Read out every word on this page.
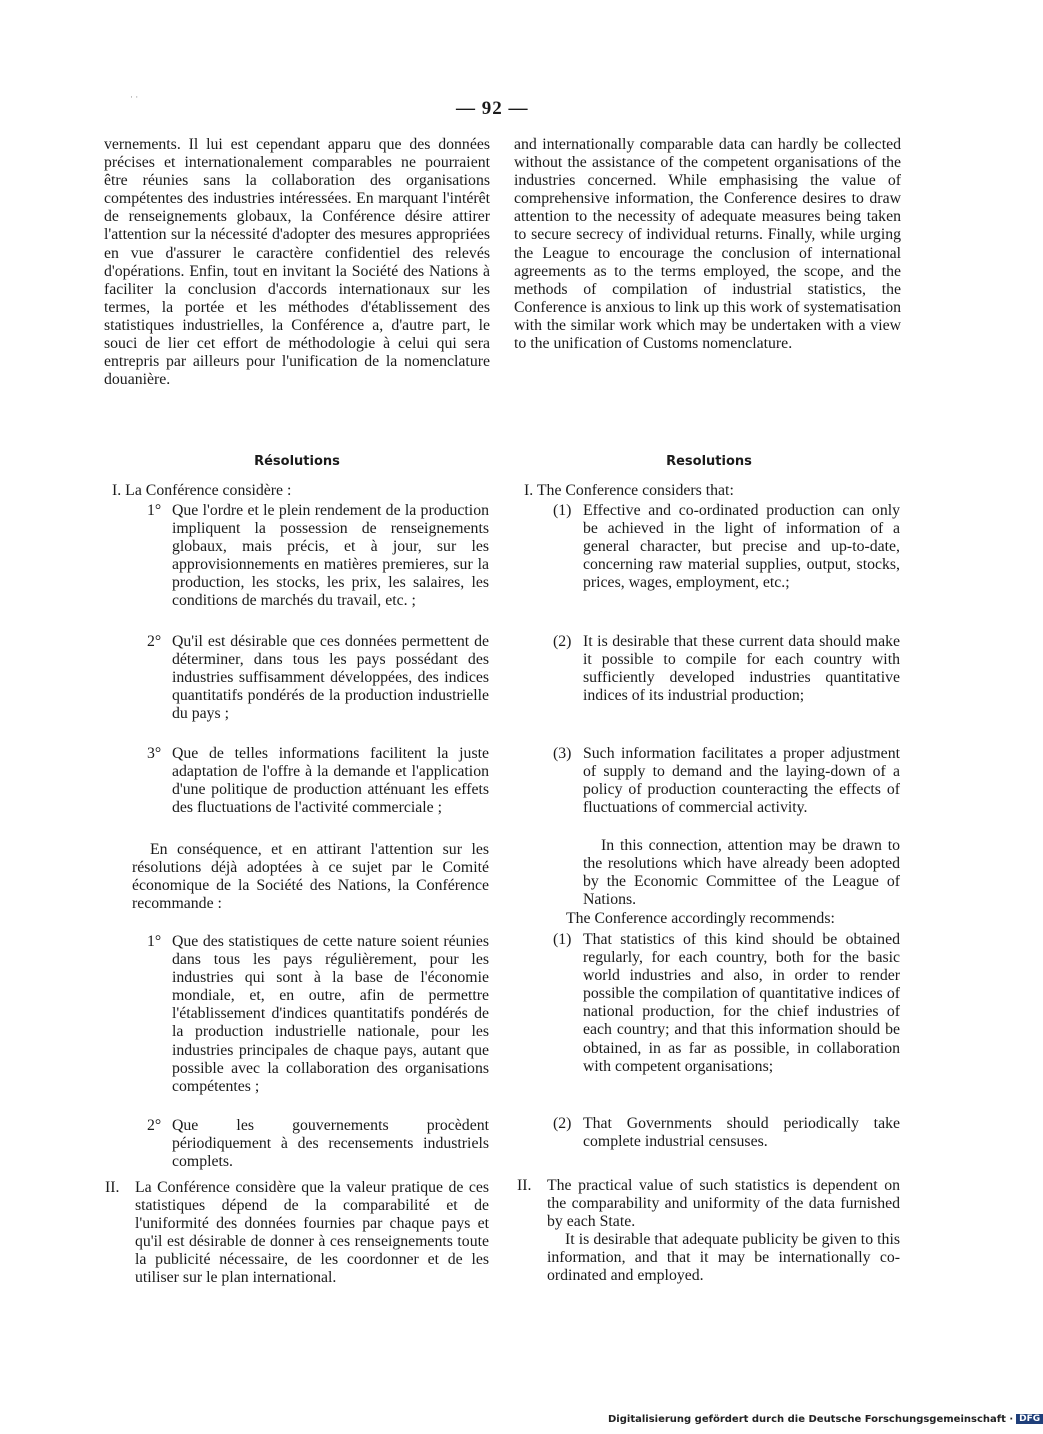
· ·
— 92 —

vernements. Il lui est cependant apparu que des données précises et internationalement comparables ne pourraient être réunies sans la collaboration des organisations compétentes des industries intéressées. En marquant l'intérêt de renseignements globaux, la Conférence désire attirer l'attention sur la nécessité d'adopter des mesures appropriées en vue d'assurer le caractère confidentiel des relevés d'opérations. Enfin, tout en invitant la Société des Nations à faciliter la conclusion d'accords internationaux sur les termes, la portée et les méthodes d'établissement des statistiques industrielles, la Conférence a, d'autre part, le souci de lier cet effort de méthodologie à celui qui sera entrepris par ailleurs pour l'unification de la nomenclature douanière.

and internationally comparable data can hardly be collected without the assistance of the competent organisations of the industries concerned. While emphasising the value of comprehensive information, the Conference desires to draw attention to the necessity of adequate measures being taken to secure secrecy of individual returns. Finally, while urging the League to encourage the conclusion of international agreements as to the terms employed, the scope, and the methods of compilation of industrial statistics, the Conference is anxious to link up this work of systematisation with the similar work which may be undertaken with a view to the unification of Customs nomenclature.

Résolutions	Resolutions
I. La Conférence considère :
1° Que l'ordre et le plein rendement de la production impliquent la possession de renseignements globaux, mais précis, et à jour, sur les approvisionnements en matières premieres, sur la production, les stocks, les prix, les salaires, les conditions de marchés du travail, etc. ;
2° Qu'il est désirable que ces données permettent de déterminer, dans tous les pays possédant des industries suffisamment développées, des indices quantitatifs pondérés de la production industrielle du pays ;
3° Que de telles informations facilitent la juste adaptation de l'offre à la demande et l'application d'une politique de production atténuant les effets des fluctuations de l'activité commerciale ;
En conséquence, et en attirant l'attention sur les résolutions déjà adoptées à ce sujet par le Comité économique de la Société des Nations, la Conférence recommande :
1° Que des statistiques de cette nature soient réunies dans tous les pays régulièrement, pour les industries qui sont à la base de l'économie mondiale, et, en outre, afin de permettre l'établissement d'indices quantitatifs pondérés de la production industrielle nationale, pour les industries principales de chaque pays, autant que possible avec la collaboration des organisations compétentes ;
2° Que les gouvernements procèdent périodiquement à des recensements industriels complets.
II. La Conférence considère que la valeur pratique de ces statistiques dépend de la comparabilité et de l'uniformité des données fournies par chaque pays et qu'il est désirable de donner à ces renseignements toute la publicité nécessaire, de les coordonner et de les utiliser sur le plan international.
I. The Conference considers that:
(1) Effective and co-ordinated production can only be achieved in the light of information of a general character, but precise and up-to-date, concerning raw material supplies, output, stocks, prices, wages, employment, etc.;
(2) It is desirable that these current data should make it possible to compile for each country with sufficiently developed industries quantitative indices of its industrial production;
(3) Such information facilitates a proper adjustment of supply to demand and the laying-down of a policy of production counteracting the effects of fluctuations of commercial activity.
In this connection, attention may be drawn to the resolutions which have already been adopted by the Economic Committee of the League of Nations.
The Conference accordingly recommends:
(1) That statistics of this kind should be obtained regularly, for each country, both for the basic world industries and also, in order to render possible the compilation of quantitative indices of national production, for the chief industries of each country; and that this information should be obtained, in as far as possible, in collaboration with competent organisations;
(2) That Governments should periodically take complete industrial censuses.
II. The practical value of such statistics is dependent on the comparability and uniformity of the data furnished by each State.
It is desirable that adequate publicity be given to this information, and that it may be internationally co-ordinated and employed.
Digitalisierung gefördert durch die Deutsche Forschungsgemeinschaft · DFG
